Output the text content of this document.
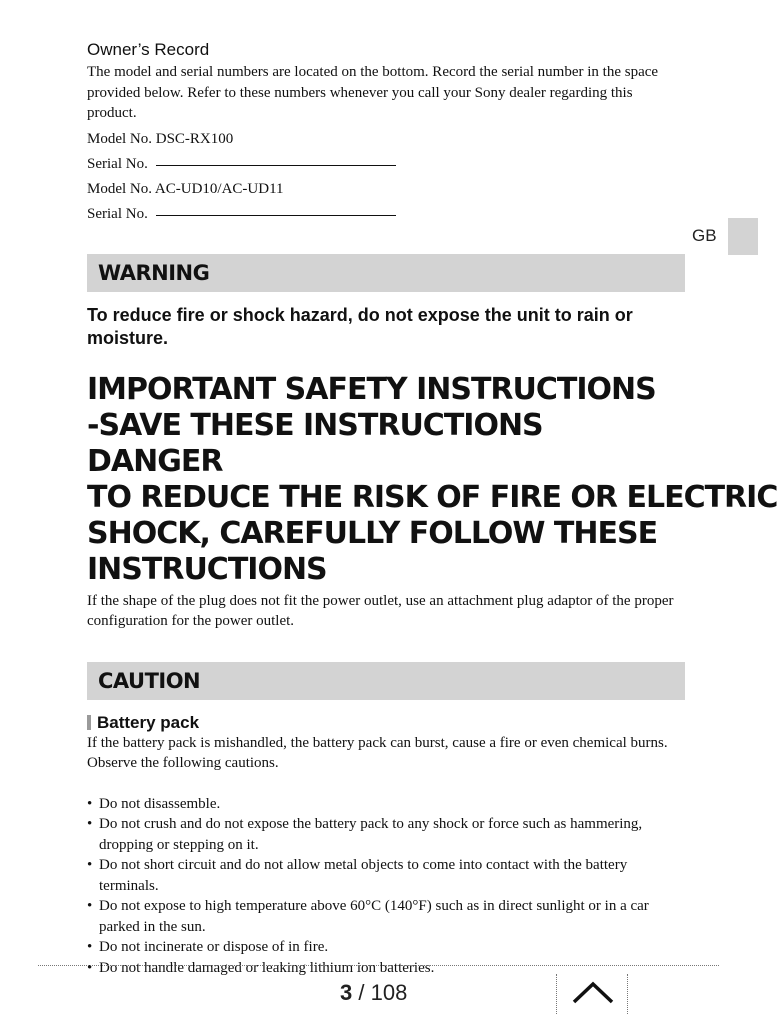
Owner’s Record

The model and serial numbers are located on the bottom. Record the serial number in the space provided below. Refer to these numbers whenever you call your Sony dealer regarding this product.

Model No. DSC-RX100

Serial No.

Model No. AC-UD10/AC-UD11

Serial No.

WARNING

To reduce fire or shock hazard, do not expose the unit to rain or moisture.

IMPORTANT SAFETY INSTRUCTIONS
-SAVE THESE INSTRUCTIONS
DANGER
TO REDUCE THE RISK OF FIRE OR ELECTRIC
SHOCK, CAREFULLY FOLLOW THESE
INSTRUCTIONS

If the shape of the plug does not fit the power outlet, use an attachment plug adaptor of the proper configuration for the power outlet.

CAUTION
Battery pack

If the battery pack is mishandled, the battery pack can burst, cause a fire or even chemical burns. Observe the following cautions.

• Do not disassemble.
• Do not crush and do not expose the battery pack to any shock or force such as hammering, dropping or stepping on it.
• Do not short circuit and do not allow metal objects to come into contact with the battery terminals.
• Do not expose to high temperature above 60°C (140°F) such as in direct sunlight or in a car parked in the sun.
• Do not incinerate or dispose of in fire.
• Do not handle damaged or leaking lithium ion batteries.
GB
3 / 108
